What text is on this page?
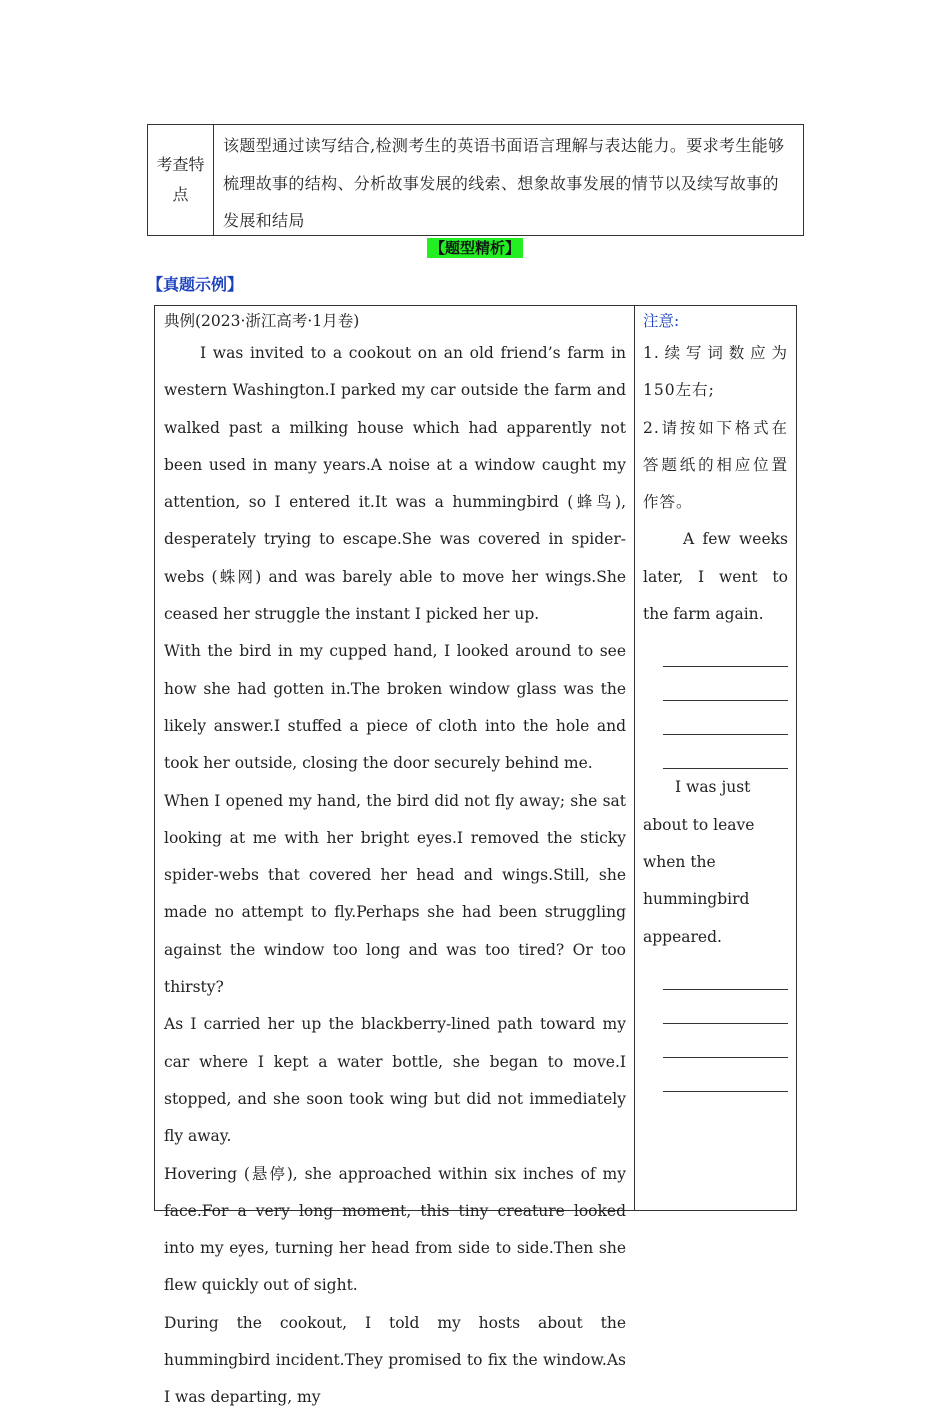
考查特点
该题型通过读写结合,检测考生的英语书面语言理解与表达能力。要求考生能够梳理故事的结构、分析故事发展的线索、想象故事发展的情节以及续写故事的发展和结局
【题型精析】
【真题示例】
典例(2023·浙江高考·1月卷)

I was invited to a cookout on an old friend’s farm in western Washington.I parked my car outside the farm and walked past a milking house which had apparently not been used in many years.A noise at a window caught my attention, so I entered it.It was a hummingbird (蜂鸟), desperately trying to escape.She was covered in spider-webs (蛛网) and was barely able to move her wings.She ceased her struggle the instant I picked her up.

With the bird in my cupped hand, I looked around to see how she had gotten in.The broken window glass was the likely answer.I stuffed a piece of cloth into the hole and took her outside, closing the door securely behind me.

When I opened my hand, the bird did not fly away; she sat looking at me with her bright eyes.I removed the sticky spider-webs that covered her head and wings.Still, she made no attempt to fly.Perhaps she had been struggling against the window too long and was too tired? Or too thirsty?

As I carried her up the blackberry-lined path toward my car where I kept a water bottle, she began to move.I stopped, and she soon took wing but did not immediately fly away.

Hovering (悬停), she approached within six inches of my face.For a very long moment, this tiny creature looked into my eyes, turning her head from side to side.Then she flew quickly out of sight.

During the cookout, I told my hosts about the hummingbird incident.They promised to fix the window.As I was departing, my

注意:

1.续写词数应为150左右;

2.请按如下格式在答题纸的相应位置作答。

A few weeks later, I went to the farm again.

I was just about to leave when the hummingbird appeared.
